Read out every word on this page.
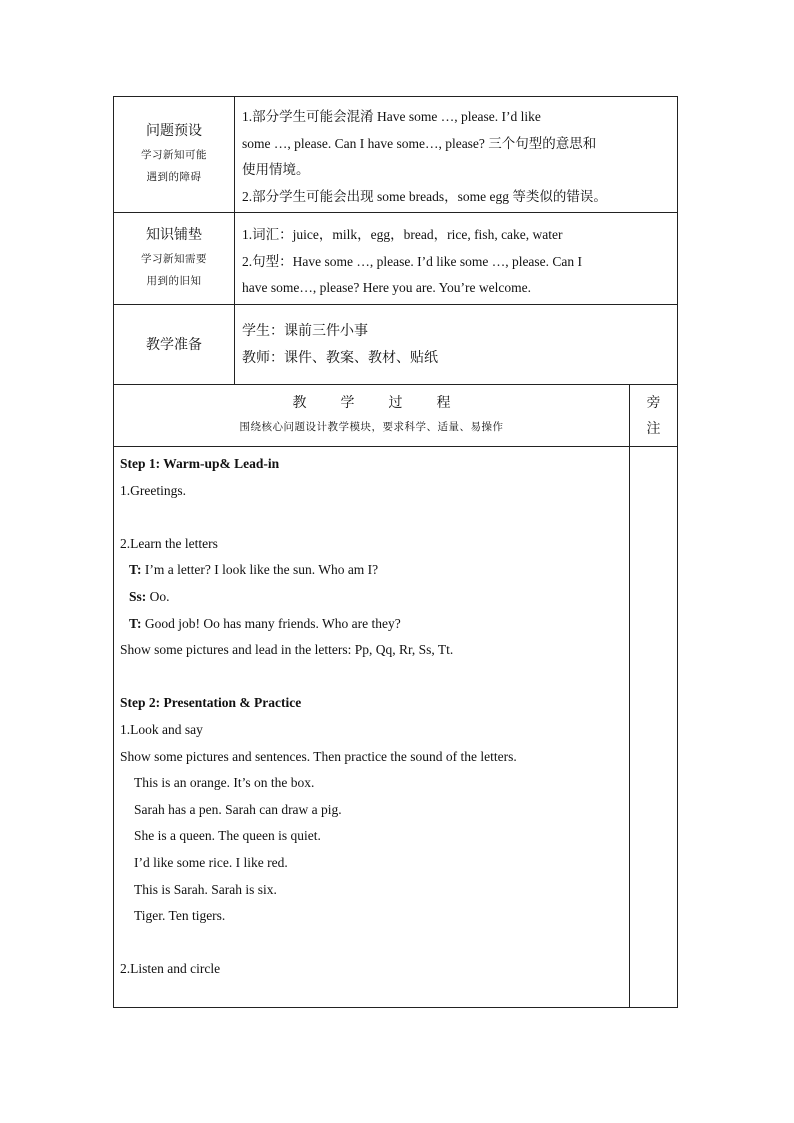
问题预设
学习新知可能
遇到的障碍
1.部分学生可能会混淆 Have some …, please. I’d like
some …, please. Can I have some…, please? 三个句型的意思和
使用情境。
2.部分学生可能会出现 some breads，some egg 等类似的错误。
知识铺垫
学习新知需要
用到的旧知
1.词汇：juice，milk，egg，bread，rice, fish, cake, water
2.句型：Have some …, please. I’d like some …, please. Can I
have some…, please? Here you are. You’re welcome.
教学准备
学生：课前三件小事
教师：课件、教案、教材、贴纸
教 学 过 程
围绕核心问题设计教学模块，要求科学、适量、易操作
旁
注
Step 1: Warm-up& Lead-in
1.Greetings.
2.Learn the letters
T: I’m a letter? I look like the sun. Who am I?
Ss: Oo.
T: Good job! Oo has many friends. Who are they?
Show some pictures and lead in the letters: Pp, Qq, Rr, Ss, Tt.
Step 2: Presentation & Practice
1.Look and say
Show some pictures and sentences. Then practice the sound of the letters.
This is an orange. It’s on the box.
Sarah has a pen. Sarah can draw a pig.
She is a queen. The queen is quiet.
I’d like some rice. I like red.
This is Sarah. Sarah is six.
Tiger. Ten tigers.
2.Listen and circle
